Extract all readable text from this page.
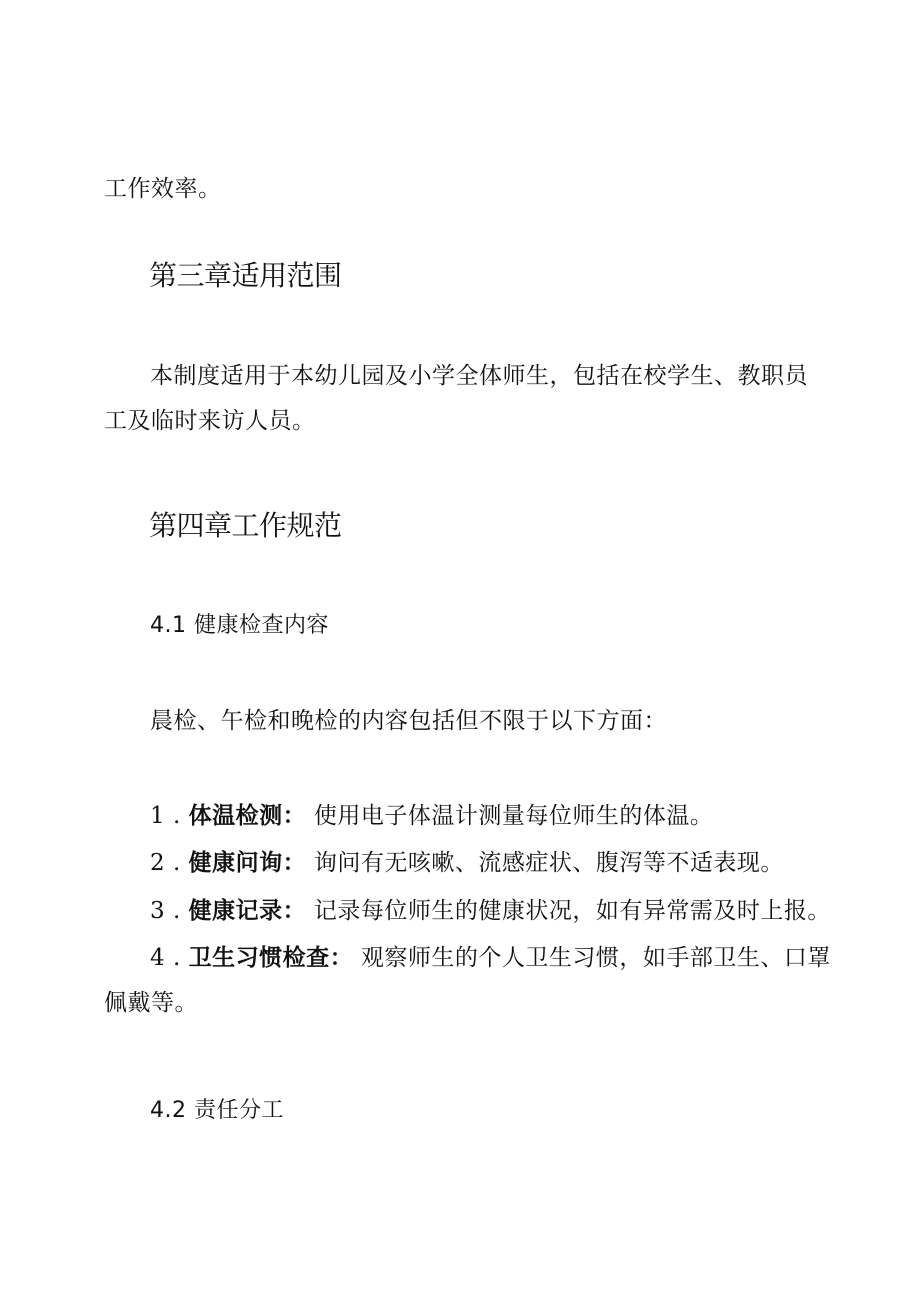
工作效率。
第三章适用范围
本制度适用于本幼儿园及小学全体师生，包括在校学生、教职员
工及临时来访人员。
第四章工作规范
4.1 健康检查内容
晨检、午检和晚检的内容包括但不限于以下方面：
1 . 体温检测： 使用电子体温计测量每位师生的体温。
2 . 健康问询： 询问有无咳嗽、流感症状、腹泻等不适表现。
3 . 健康记录： 记录每位师生的健康状况，如有异常需及时上报。
4 . 卫生习惯检查： 观察师生的个人卫生习惯，如手部卫生、口罩
佩戴等。
4.2 责任分工
